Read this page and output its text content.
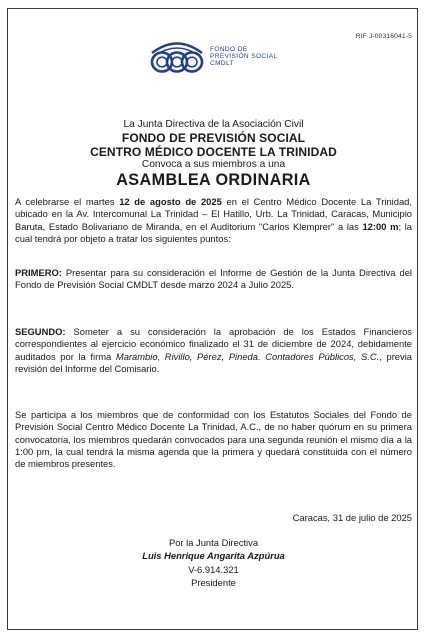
RIF J-00316041-5
FONDO DE
PREVISIÓN SOCIAL
CMDLT
La Junta Directiva de la Asociación Civil
FONDO DE PREVISIÓN SOCIAL
CENTRO MÉDICO DOCENTE LA TRINIDAD
Convoca a sus miembros a una
ASAMBLEA ORDINARIA
A celebrarse el martes 12 de agosto de 2025 en el Centro Médico Docente La Trinidad, ubicado en la Av. Intercomunal La Trinidad – El Hatillo, Urb. La Trinidad, Caracas, Municipio Baruta, Estado Bolivariano de Miranda, en el Auditorium "Carlos Klemprer" a las 12:00 m; la cual tendrá por objeto a tratar los siguientes puntos:
PRIMERO: Presentar para su consideración el Informe de Gestión de la Junta Directiva del Fondo de Previsión Social CMDLT desde marzo 2024 a Julio 2025.
SEGUNDO: Someter a su consideración la aprobación de los Estados Financieros correspondientes al ejercicio económico finalizado el 31 de diciembre de 2024, debidamente auditados por la firma Marambio, Rivillo, Pérez, Pineda. Contadores Públicos, S.C., previa revisión del Informe del Comisario.
Se participa a los miembros que de conformidad con los Estatutos Sociales del Fondo de Previsión Social Centro Médico Docente La Trinidad, A.C., de no haber quórum en su primera convocatoria, los miembros quedarán convocados para una segunda reunión el mismo día a la 1:00 pm, la cual tendrá la misma agenda que la primera y quedará constituida con el número de miembros presentes.
Caracas, 31 de julio de 2025
Por la Junta Directiva
Luis Henrique Angarita Azpúrua
V-6.914.321
Presidente
